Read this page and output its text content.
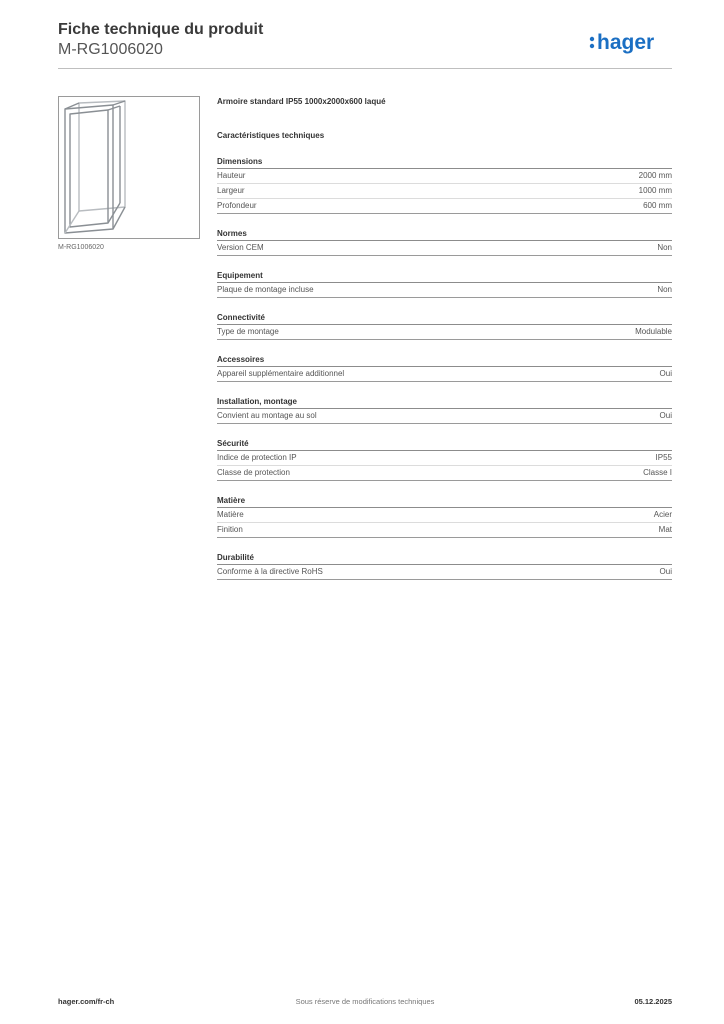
Fiche technique du produit
M-RG1006020	hager
M-RG1006020
Armoire standard IP55 1000x2000x600 laqué
Caractéristiques techniques
Dimensions
Hauteur	2000 mm
Largeur	1000 mm
Profondeur	600 mm
Normes
Version CEM	Non
Equipement
Plaque de montage incluse	Non
Connectivité
Type de montage	Modulable
Accessoires
Appareil supplémentaire additionnel	Oui
Installation, montage
Convient au montage au sol	Oui
Sécurité
Indice de protection IP	IP55
Classe de protection	Classe I
Matière
Matière	Acier
Finition	Mat
Durabilité
Conforme à la directive RoHS	Oui
hager.com/fr-ch	Sous réserve de modifications techniques	05.12.2025
